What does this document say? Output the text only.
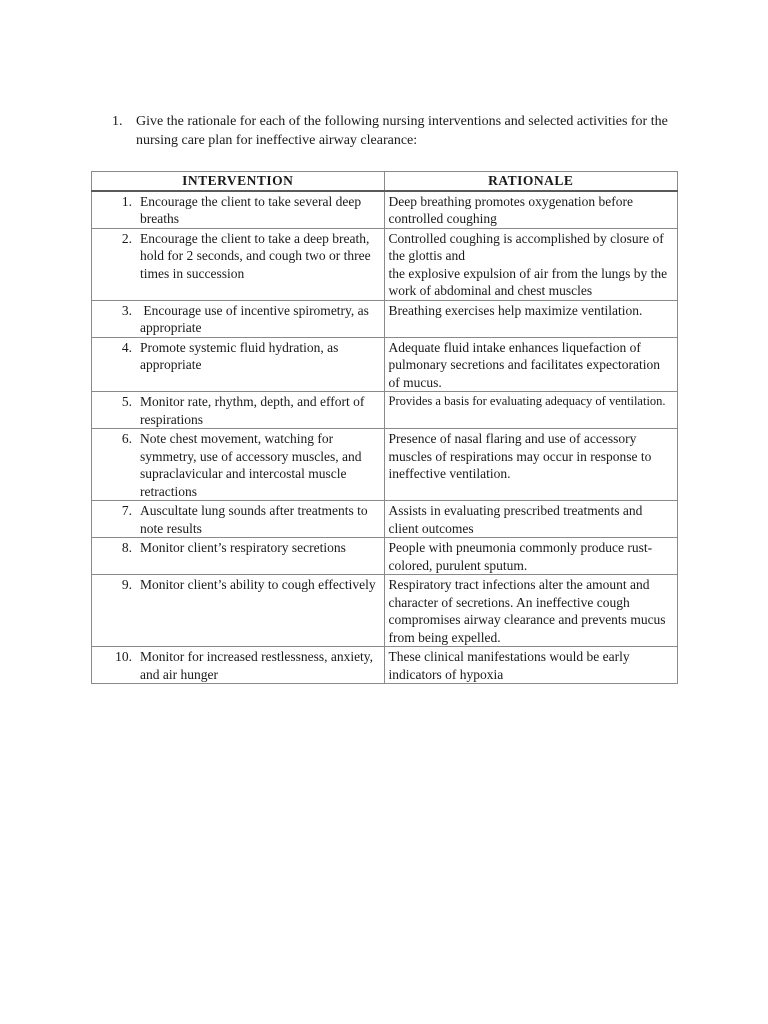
1. Give the rationale for each of the following nursing interventions and selected activities for the nursing care plan for ineffective airway clearance:
INTERVENTION	RATIONALE

1. Encourage the client to take several deep breaths	Deep breathing promotes oxygenation before controlled coughing

2. Encourage the client to take a deep breath, hold for 2 seconds, and cough two or three times in succession	Controlled coughing is accomplished by closure of the glottis and
the explosive expulsion of air from the lungs by the work of abdominal and chest muscles

3. Encourage use of incentive spirometry, as appropriate	Breathing exercises help maximize ventilation.

4. Promote systemic fluid hydration, as appropriate	Adequate fluid intake enhances liquefaction of pulmonary secretions and facilitates expectoration of mucus.

5. Monitor rate, rhythm, depth, and effort of respirations	Provides a basis for evaluating adequacy of ventilation.

6. Note chest movement, watching for symmetry, use of accessory muscles, and supraclavicular and intercostal muscle retractions	Presence of nasal flaring and use of accessory muscles of respirations may occur in response to ineffective ventilation.

7. Auscultate lung sounds after treatments to note results	Assists in evaluating prescribed treatments and client outcomes

8. Monitor client’s respiratory secretions	People with pneumonia commonly produce rust-colored, purulent sputum.

9. Monitor client’s ability to cough effectively	Respiratory tract infections alter the amount and character of secretions. An ineffective cough compromises airway clearance and prevents mucus from being expelled.

10. Monitor for increased restlessness, anxiety, and air hunger	These clinical manifestations would be early indicators of hypoxia
